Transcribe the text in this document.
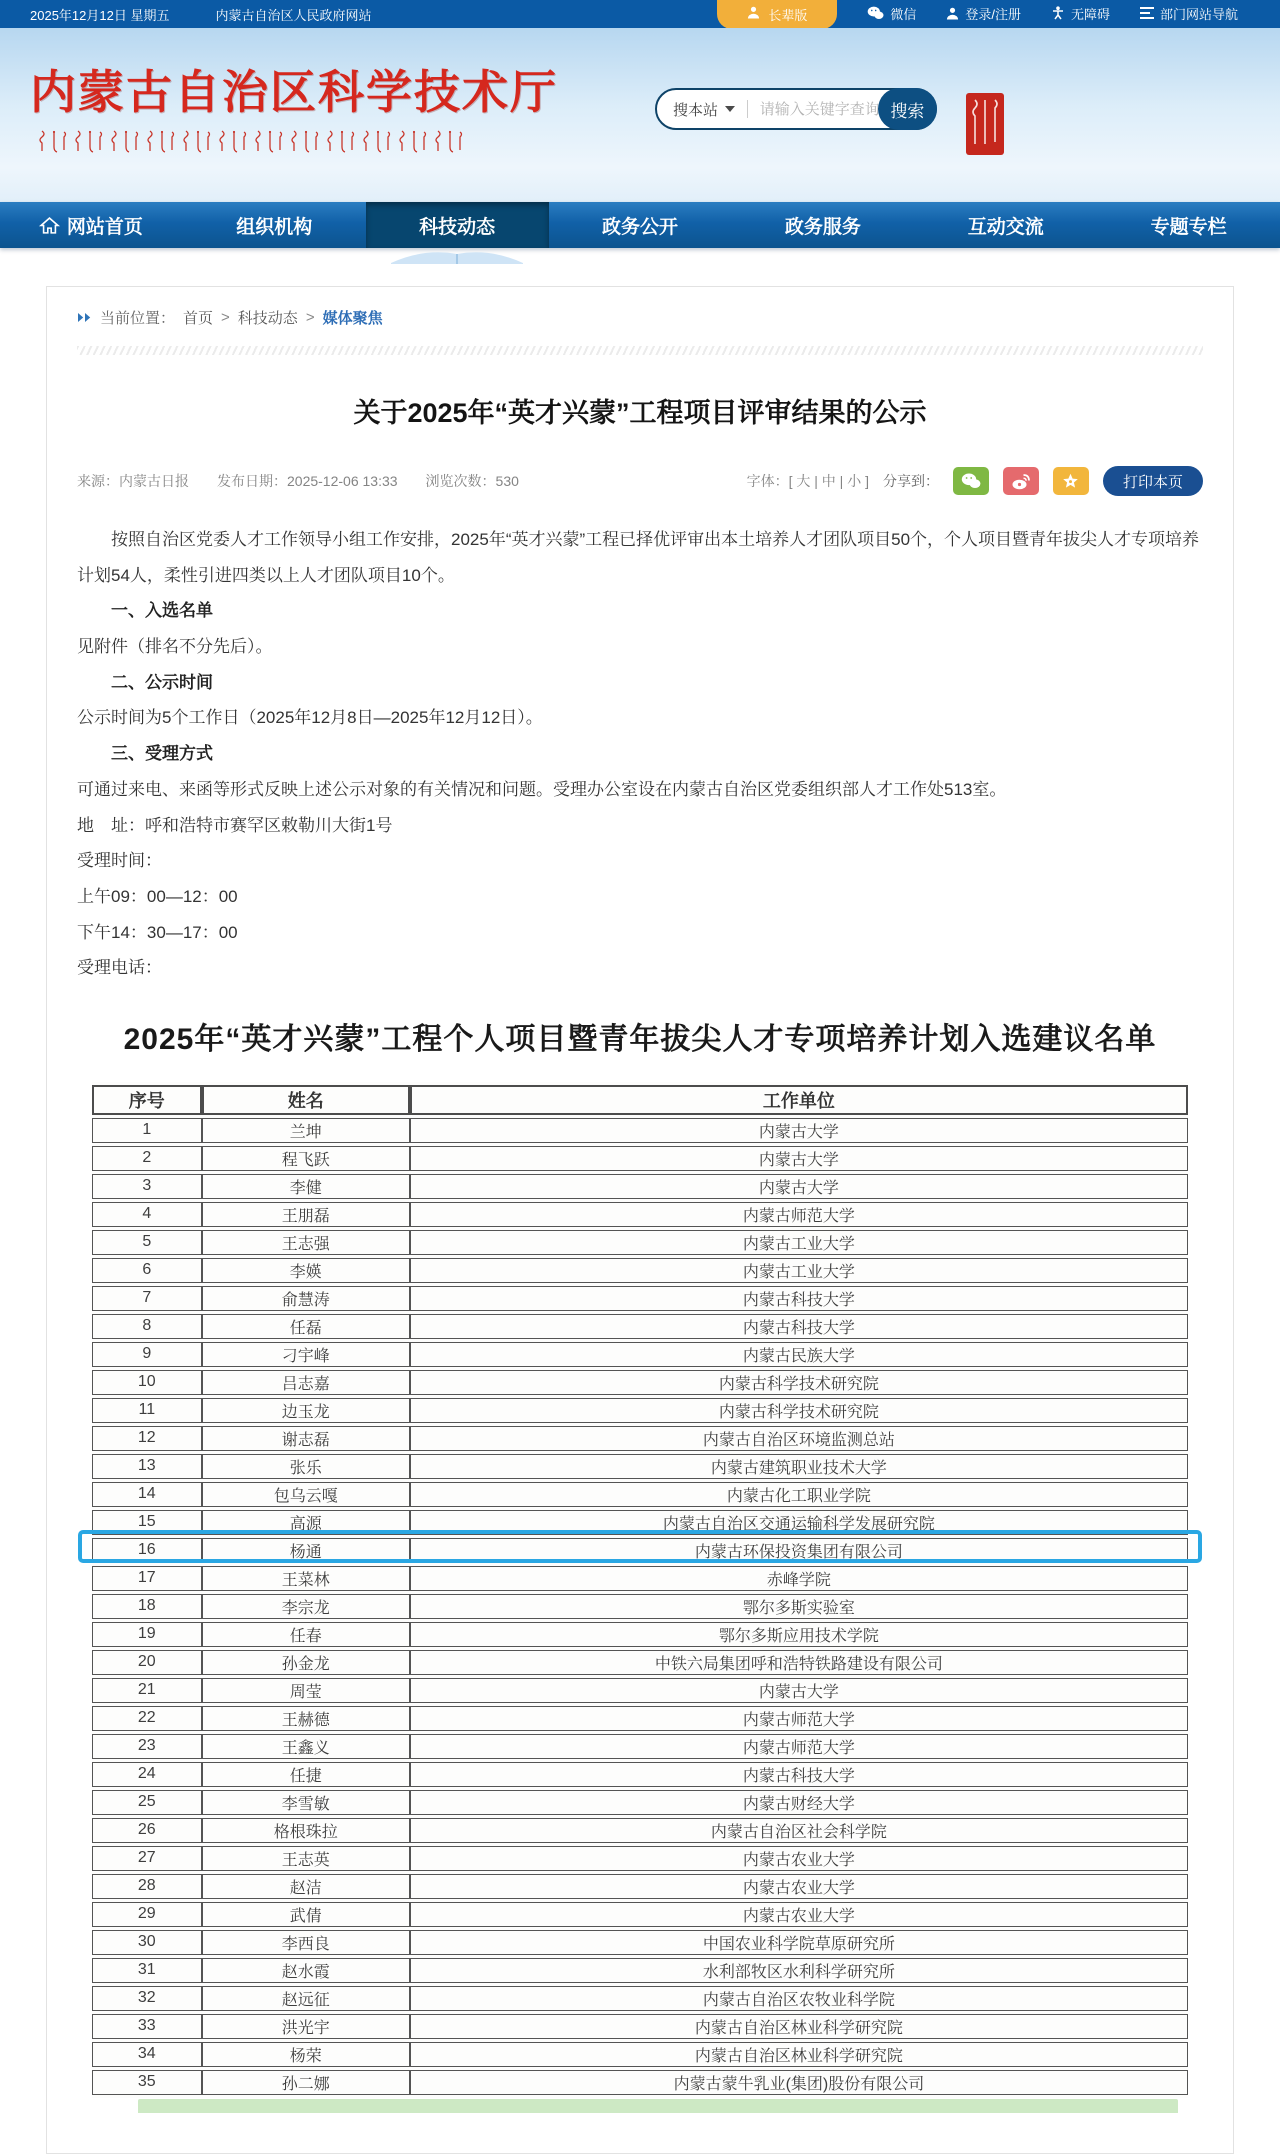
2025年12月12日 星期五	内蒙古自治区人民政府网站	长辈版	微信	登录/注册	无障碍	部门网站导航
内蒙古自治区科学技术厅	搜本站
请输入关键字查询	搜索
网站首页	组织机构	科技动态	政务公开	政务服务	互动交流	专题专栏
当前位置： 首页 > 科技动态 > 媒体聚焦
关于2025年“英才兴蒙”工程项目评审结果的公示
来源：内蒙古日报 发布日期：2025-12-06 13:33 浏览次数：530	字体：[ 大 | 中 | 小 ] 分享到：	打印本页

按照自治区党委人才工作领导小组工作安排，2025年“英才兴蒙”工程已择优评审出本土培养人才团队项目50个，个人项目暨青年拔尖人才专项培养计划54人，柔性引进四类以上人才团队项目10个。

一、入选名单

见附件（排名不分先后）。

二、公示时间

公示时间为5个工作日（2025年12月8日—2025年12月12日）。

三、受理方式

可通过来电、来函等形式反映上述公示对象的有关情况和问题。受理办公室设在内蒙古自治区党委组织部人才工作处513室。

地　址：呼和浩特市赛罕区敕勒川大街1号

受理时间：

上午09：00—12：00

下午14：30—17：00

受理电话：

2025年“英才兴蒙”工程个人项目暨青年拔尖人才专项培养计划入选建议名单
序号	姓名	工作单位
1	兰坤	内蒙古大学
2	程飞跃	内蒙古大学
3	李健	内蒙古大学
4	王朋磊	内蒙古师范大学
5	王志强	内蒙古工业大学
6	李媖	内蒙古工业大学
7	俞慧涛	内蒙古科技大学
8	任磊	内蒙古科技大学
9	刁宇峰	内蒙古民族大学
10	吕志嘉	内蒙古科学技术研究院
11	边玉龙	内蒙古科学技术研究院
12	谢志磊	内蒙古自治区环境监测总站
13	张乐	内蒙古建筑职业技术大学
14	包乌云嘎	内蒙古化工职业学院
15	高源	内蒙古自治区交通运输科学发展研究院
16	杨通	内蒙古环保投资集团有限公司
17	王菜林	赤峰学院
18	李宗龙	鄂尔多斯实验室
19	任春	鄂尔多斯应用技术学院
20	孙金龙	中铁六局集团呼和浩特铁路建设有限公司
21	周莹	内蒙古大学
22	王赫德	内蒙古师范大学
23	王鑫义	内蒙古师范大学
24	任捷	内蒙古科技大学
25	李雪敏	内蒙古财经大学
26	格根珠拉	内蒙古自治区社会科学院
27	王志英	内蒙古农业大学
28	赵洁	内蒙古农业大学
29	武倩	内蒙古农业大学
30	李西良	中国农业科学院草原研究所
31	赵水霞	水利部牧区水利科学研究所
32	赵远征	内蒙古自治区农牧业科学院
33	洪光宇	内蒙古自治区林业科学研究院
34	杨荣	内蒙古自治区林业科学研究院
35	孙二娜	内蒙古蒙牛乳业(集团)股份有限公司
